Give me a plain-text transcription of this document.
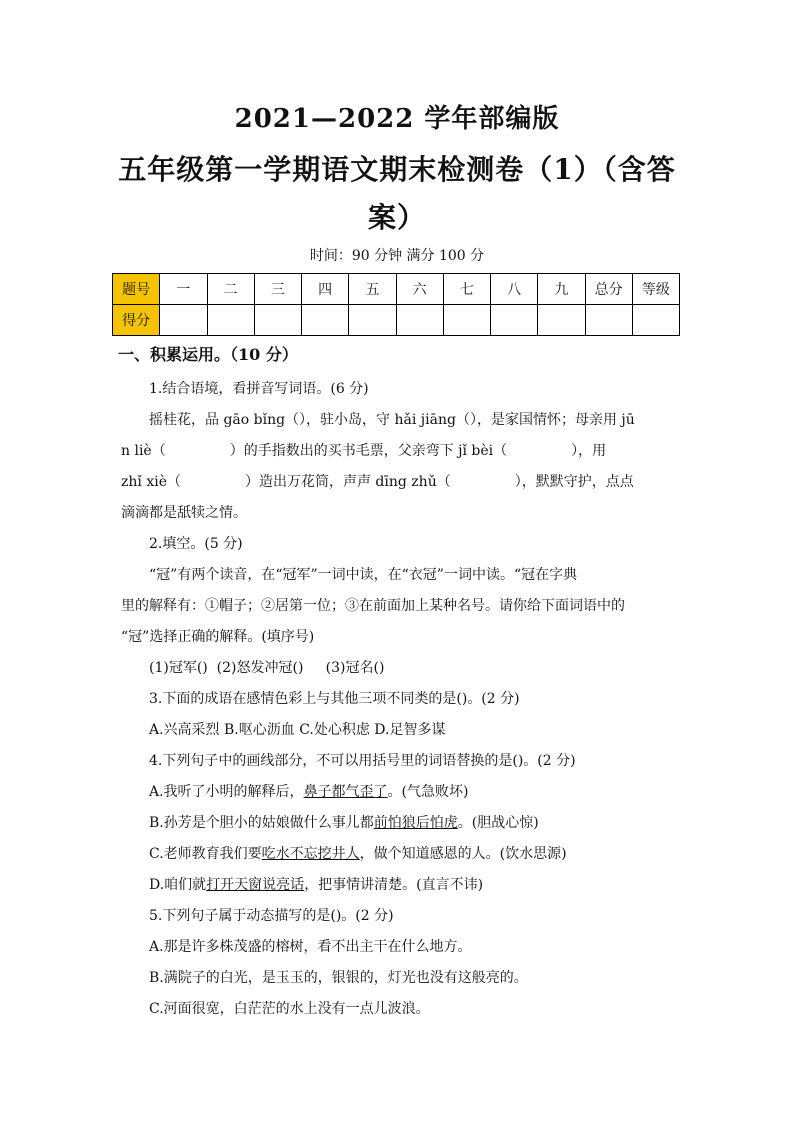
2021—2022 学年部编版
五年级第一学期语文期末检测卷（1）（含答案）
时间：90 分钟 满分 100 分
题号	一	二	三	四	五	六	七	八	九	总分	等级
得分											
一、积累运用。（10 分）

1.结合语境，看拼音写词语。(6 分)

摇桂花，品 gāo bǐng（），驻小岛，守 hǎi jiāng（），是家国情怀；母亲用 jū

n liè（	）的手指数出的买书毛票，父亲弯下 jǐ bèi（	），用

zhǐ xiè（	）造出万花筒，声声 dīng zhǔ（	），默默守护，点点

滴滴都是舐犊之情。

2.填空。(5 分)

“冠”有两个读音，在“冠军”一词中读，在“衣冠”一词中读。“冠在字典

里的解释有：①帽子；②居第一位；③在前面加上某种名号。请你给下面词语中的

“冠”选择正确的解释。(填序号)

(1)冠军()  (2)怒发冲冠()     (3)冠名()

3.下面的成语在感情色彩上与其他三项不同类的是()。(2 分)

A.兴高采烈 B.呕心沥血 C.处心积虑 D.足智多谋

4.下列句子中的画线部分，不可以用括号里的词语替换的是()。(2 分)

A.我听了小明的解释后，鼻子都气歪了。(气急败坏)

B.孙芳是个胆小的姑娘做什么事儿都前怕狼后怕虎。(胆战心惊)

C.老师教育我们要吃水不忘挖井人，做个知道感恩的人。(饮水思源)

D.咱们就打开天窗说亮话，把事情讲清楚。(直言不讳)

5.下列句子属于动态描写的是()。(2 分)

A.那是许多株茂盛的榕树，看不出主干在什么地方。

B.满院子的白光，是玉玉的，银银的，灯光也没有这般亮的。

C.河面很宽，白茫茫的水上没有一点儿波浪。
